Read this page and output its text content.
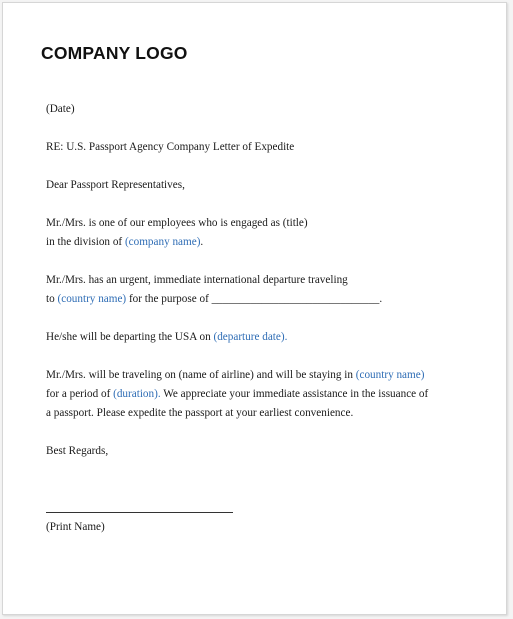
COMPANY LOGO
(Date)
RE: U.S. Passport Agency Company Letter of Expedite
Dear Passport Representatives,
Mr./Mrs. is one of our employees who is engaged as (title)
in the division of (company name).
Mr./Mrs. has an urgent, immediate international departure traveling
to (country name) for the purpose of ______________________________.
He/she will be departing the USA on (departure date).
Mr./Mrs. will be traveling on (name of airline) and will be staying in (country name)
for a period of (duration). We appreciate your immediate assistance in the issuance of
a passport. Please expedite the passport at your earliest convenience.
Best Regards,
(Print Name)
